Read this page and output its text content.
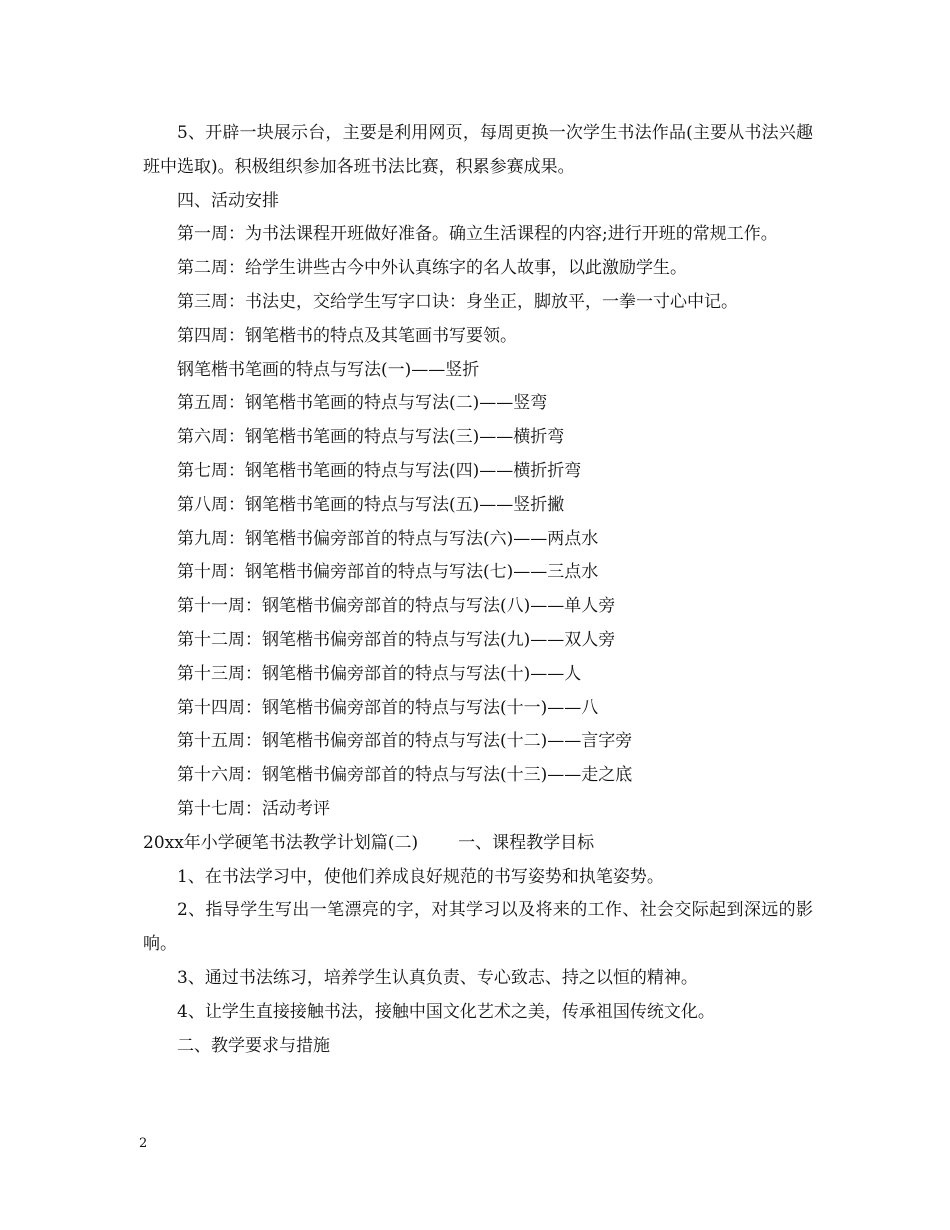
5、开辟一块展示台，主要是利用网页，每周更换一次学生书法作品(主要从书法兴趣班中选取)。积极组织参加各班书法比赛，积累参赛成果。

四、活动安排

第一周：为书法课程开班做好准备。确立生活课程的内容;进行开班的常规工作。

第二周：给学生讲些古今中外认真练字的名人故事，以此激励学生。

第三周：书法史，交给学生写字口诀：身坐正，脚放平，一拳一寸心中记。

第四周：钢笔楷书的特点及其笔画书写要领。

钢笔楷书笔画的特点与写法(一)——竖折

第五周：钢笔楷书笔画的特点与写法(二)——竖弯

第六周：钢笔楷书笔画的特点与写法(三)——横折弯

第七周：钢笔楷书笔画的特点与写法(四)——横折折弯

第八周：钢笔楷书笔画的特点与写法(五)——竖折撇

第九周：钢笔楷书偏旁部首的特点与写法(六)——两点水

第十周：钢笔楷书偏旁部首的特点与写法(七)——三点水

第十一周：钢笔楷书偏旁部首的特点与写法(八)——单人旁

第十二周：钢笔楷书偏旁部首的特点与写法(九)——双人旁

第十三周：钢笔楷书偏旁部首的特点与写法(十)——人

第十四周：钢笔楷书偏旁部首的特点与写法(十一)——八

第十五周：钢笔楷书偏旁部首的特点与写法(十二)——言字旁

第十六周：钢笔楷书偏旁部首的特点与写法(十三)——走之底

第十七周：活动考评

20xx年小学硬笔书法教学计划篇(二) 一、课程教学目标

1、在书法学习中，使他们养成良好规范的书写姿势和执笔姿势。

2、指导学生写出一笔漂亮的字，对其学习以及将来的工作、社会交际起到深远的影响。

3、通过书法练习，培养学生认真负责、专心致志、持之以恒的精神。

4、让学生直接接触书法，接触中国文化艺术之美，传承祖国传统文化。

二、教学要求与措施

2
